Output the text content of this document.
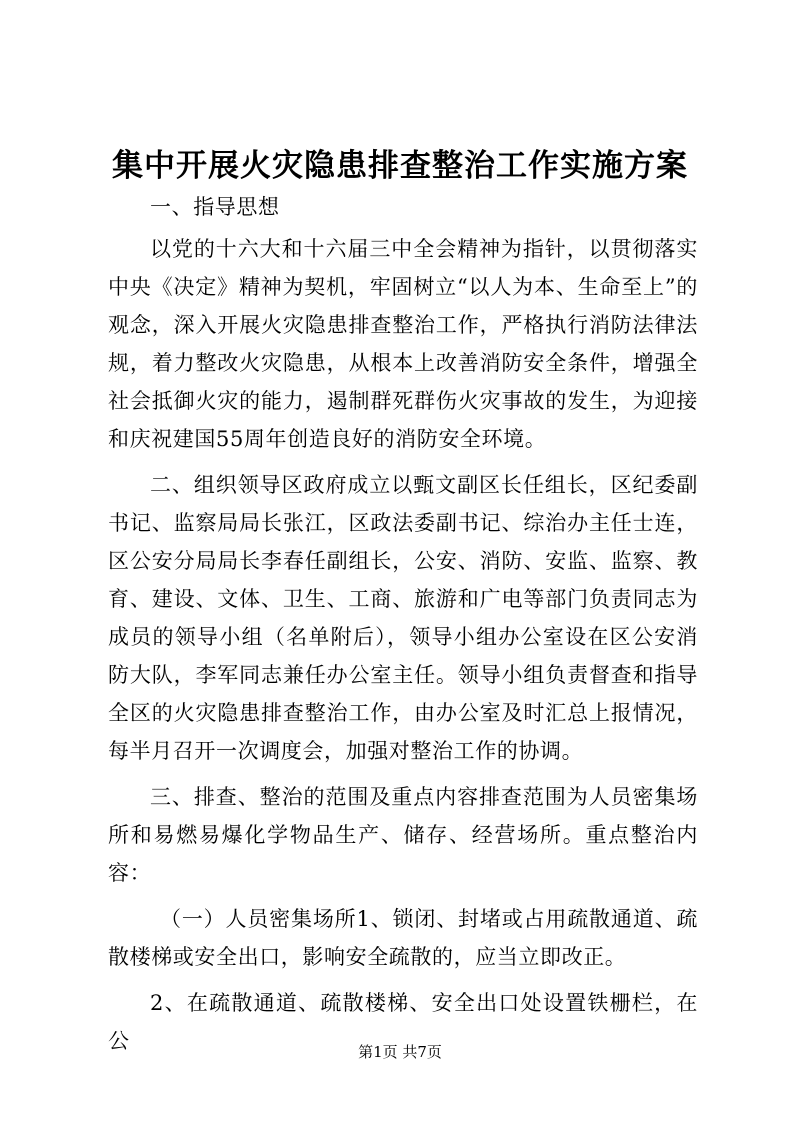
集中开展火灾隐患排查整治工作实施方案

一、指导思想

以党的十六大和十六届三中全会精神为指针，以贯彻落实中央《决定》精神为契机，牢固树立“以人为本、生命至上”的观念，深入开展火灾隐患排查整治工作，严格执行消防法律法规，着力整改火灾隐患，从根本上改善消防安全条件，增强全社会抵御火灾的能力，遏制群死群伤火灾事故的发生，为迎接和庆祝建国55周年创造良好的消防安全环境。

二、组织领导区政府成立以甄文副区长任组长，区纪委副书记、监察局局长张江，区政法委副书记、综治办主任士连，区公安分局局长李春任副组长，公安、消防、安监、监察、教育、建设、文体、卫生、工商、旅游和广电等部门负责同志为成员的领导小组（名单附后），领导小组办公室设在区公安消防大队，李军同志兼任办公室主任。领导小组负责督查和指导全区的火灾隐患排查整治工作，由办公室及时汇总上报情况，每半月召开一次调度会，加强对整治工作的协调。

三、排查、整治的范围及重点内容排查范围为人员密集场所和易燃易爆化学物品生产、储存、经营场所。重点整治内容：

（一）人员密集场所1、锁闭、封堵或占用疏散通道、疏散楼梯或安全出口，影响安全疏散的，应当立即改正。

2、在疏散通道、疏散楼梯、安全出口处设置铁栅栏，在公	第1页 共7页
